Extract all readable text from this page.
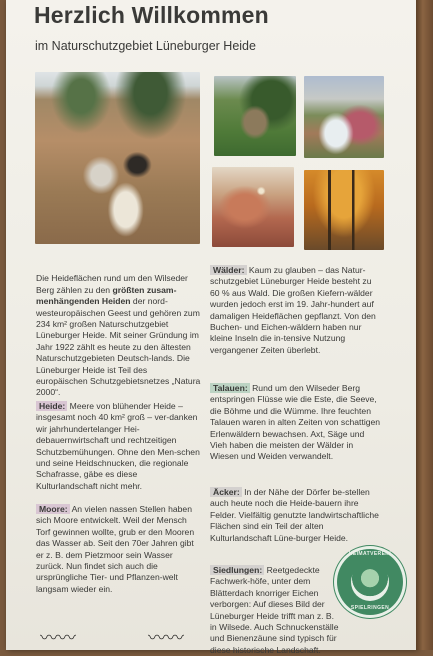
Herzlich Willkommen

im Naturschutzgebiet Lüneburger Heide

Die Heideflächen rund um den Wilseder Berg zählen zu den größten zusam-menhängenden Heiden der nord-westeuropäischen Geest und gehören zum 234 km² großen Naturschutzgebiet Lüneburger Heide. Mit seiner Gründung im Jahr 1922 zählt es heute zu den ältesten Naturschutzgebieten Deutsch-lands. Die Lüneburger Heide ist Teil des europäischen Schutzgebietsnetzes „Natura 2000“.

Heide: Meere von blühender Heide – insgesamt noch 40 km² groß – ver-danken wir jahrhundertelanger Hei-debauernwirtschaft und rechtzeitigen Schutzbemühungen. Ohne den Men-schen und seine Heidschnucken, die regionale Schafrasse, gäbe es diese Kulturlandschaft nicht mehr.

Moore: An vielen nassen Stellen haben sich Moore entwickelt. Weil der Mensch Torf gewinnen wollte, grub er den Mooren das Wasser ab. Seit den 70er Jahren gibt er z. B. dem Pietzmoor sein Wasser zurück. Nun findet sich auch die ursprüngliche Tier- und Pflanzen-welt langsam wieder ein.

Wälder: Kaum zu glauben – das Natur-schutzgebiet Lüneburger Heide besteht zu 60 % aus Wald. Die großen Kiefern-wälder wurden jedoch erst im 19. Jahr-hundert auf damaligen Heideflächen gepflanzt. Von den Buchen- und Eichen-wäldern haben nur kleine Inseln die in-tensive Nutzung vergangener Zeiten überlebt.

Talauen: Rund um den Wilseder Berg entspringen Flüsse wie die Este, die Seeve, die Böhme und die Wümme. Ihre feuchten Talauen waren in alten Zeiten von schattigen Erlenwäldern bewachsen. Axt, Säge und Vieh haben die meisten der Wälder in Wiesen und Weiden verwandelt.

Äcker: In der Nähe der Dörfer be-stellen auch heute noch die Heide-bauern ihre Felder. Vielfältig genutzte landwirtschaftliche Flächen sind ein Teil der alten Kulturlandschaft Lüne-burger Heide.

Siedlungen: Reetgedeckte Fachwerk-höfe, unter dem Blätterdach knorriger Eichen verborgen: Auf dieses Bild der Lüneburger Heide trifft man z. B. in Wilsede. Auch Schnuckenställe und Bienenzäune sind typisch für diese historische Landschaft.

HEIMATVEREIN
SPIELRINGEN
〰〰	〰〰
